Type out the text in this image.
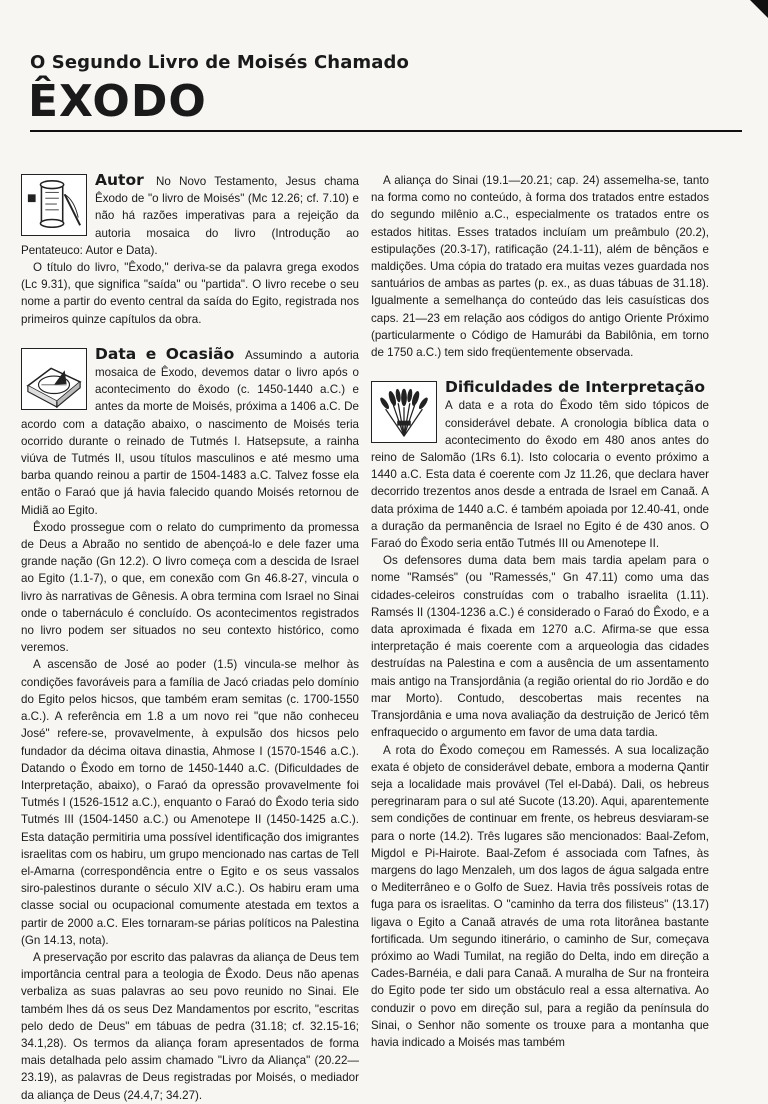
O Segundo Livro de Moisés Chamado
ÊXODO

Autor No Novo Testamento, Jesus chama Êxodo de "o livro de Moisés" (Mc 12.26; cf. 7.10) e não há razões imperativas para a rejeição da autoria mosaica do livro (Introdução ao Pentateuco: Autor e Data).

O título do livro, "Êxodo," deriva-se da palavra grega exodos (Lc 9.31), que significa "saída" ou "partida". O livro recebe o seu nome a partir do evento central da saída do Egito, registrada nos primeiros quinze capítulos da obra.

Data e Ocasião Assumindo a autoria mosaica de Êxodo, devemos datar o livro após o acontecimento do êxodo (c. 1450-1440 a.C.) e antes da morte de Moisés, próxima a 1406 a.C. De acordo com a datação abaixo, o nascimento de Moisés teria ocorrido durante o reinado de Tutmés I. Hatsepsute, a rainha viúva de Tutmés II, usou títulos masculinos e até mesmo uma barba quando reinou a partir de 1504-1483 a.C. Talvez fosse ela então o Faraó que já havia falecido quando Moisés retornou de Midiã ao Egito.

Êxodo prossegue com o relato do cumprimento da promessa de Deus a Abraão no sentido de abençoá-lo e dele fazer uma grande nação (Gn 12.2). O livro começa com a descida de Israel ao Egito (1.1-7), o que, em conexão com Gn 46.8-27, vincula o livro às narrativas de Gênesis. A obra termina com Israel no Sinai onde o tabernáculo é concluído. Os acontecimentos registrados no livro podem ser situados no seu contexto histórico, como veremos.

A ascensão de José ao poder (1.5) vincula-se melhor às condições favoráveis para a família de Jacó criadas pelo domínio do Egito pelos hicsos, que também eram semitas (c. 1700-1550 a.C.). A referência em 1.8 a um novo rei "que não conheceu José" refere-se, provavelmente, à expulsão dos hicsos pelo fundador da décima oitava dinastia, Ahmose I (1570-1546 a.C.). Datando o Êxodo em torno de 1450-1440 a.C. (Dificuldades de Interpretação, abaixo), o Faraó da opressão provavelmente foi Tutmés I (1526-1512 a.C.), enquanto o Faraó do Êxodo teria sido Tutmés III (1504-1450 a.C.) ou Amenotepe II (1450-1425 a.C.). Esta datação permitiria uma possível identificação dos imigrantes israelitas com os habiru, um grupo mencionado nas cartas de Tell el-Amarna (correspondência entre o Egito e os seus vassalos siro-palestinos durante o século XIV a.C.). Os habiru eram uma classe social ou ocupacional comumente atestada em textos a partir de 2000 a.C. Eles tornaram-se párias políticos na Palestina (Gn 14.13, nota).

A preservação por escrito das palavras da aliança de Deus tem importância central para a teologia de Êxodo. Deus não apenas verbaliza as suas palavras ao seu povo reunido no Sinai. Ele também lhes dá os seus Dez Mandamentos por escrito, "escritas pelo dedo de Deus" em tábuas de pedra (31.18; cf. 32.15-16; 34.1,28). Os termos da aliança foram apresentados de forma mais detalhada pelo assim chamado "Livro da Aliança" (20.22—23.19), as palavras de Deus registradas por Moisés, o mediador da aliança de Deus (24.4,7; 34.27).

A aliança do Sinai (19.1—20.21; cap. 24) assemelha-se, tanto na forma como no conteúdo, à forma dos tratados entre estados do segundo milênio a.C., especialmente os tratados entre os estados hititas. Esses tratados incluíam um preâmbulo (20.2), estipulações (20.3-17), ratificação (24.1-11), além de bênçãos e maldições. Uma cópia do tratado era muitas vezes guardada nos santuários de ambas as partes (p. ex., as duas tábuas de 31.18). Igualmente a semelhança do conteúdo das leis casuísticas dos caps. 21—23 em relação aos códigos do antigo Oriente Próximo (particularmente o Código de Hamurábi da Babilônia, em torno de 1750 a.C.) tem sido freqüentemente observada.

Dificuldades de Interpretação A data e a rota do Êxodo têm sido tópicos de considerável debate. A cronologia bíblica data o acontecimento do êxodo em 480 anos antes do reino de Salomão (1Rs 6.1). Isto colocaria o evento próximo a 1440 a.C. Esta data é coerente com Jz 11.26, que declara haver decorrido trezentos anos desde a entrada de Israel em Canaã. A data próxima de 1440 a.C. é também apoiada por 12.40-41, onde a duração da permanência de Israel no Egito é de 430 anos. O Faraó do Êxodo seria então Tutmés III ou Amenotepe II.

Os defensores duma data bem mais tardia apelam para o nome "Ramsés" (ou "Ramessés," Gn 47.11) como uma das cidades-celeiros construídas com o trabalho israelita (1.11). Ramsés II (1304-1236 a.C.) é considerado o Faraó do Êxodo, e a data aproximada é fixada em 1270 a.C. Afirma-se que essa interpretação é mais coerente com a arqueologia das cidades destruídas na Palestina e com a ausência de um assentamento mais antigo na Transjordânia (a região oriental do rio Jordão e do mar Morto). Contudo, descobertas mais recentes na Transjordânia e uma nova avaliação da destruição de Jericó têm enfraquecido o argumento em favor de uma data tardia.

A rota do Êxodo começou em Ramessés. A sua localização exata é objeto de considerável debate, embora a moderna Qantir seja a localidade mais provável (Tel el-Dabá). Dali, os hebreus peregrinaram para o sul até Sucote (13.20). Aqui, aparentemente sem condições de continuar em frente, os hebreus desviaram-se para o norte (14.2). Três lugares são mencionados: Baal-Zefom, Migdol e Pi-Hairote. Baal-Zefom é associada com Tafnes, às margens do lago Menzaleh, um dos lagos de água salgada entre o Mediterrâneo e o Golfo de Suez. Havia três possíveis rotas de fuga para os israelitas. O "caminho da terra dos filisteus" (13.17) ligava o Egito a Canaã através de uma rota litorânea bastante fortificada. Um segundo itinerário, o caminho de Sur, começava próximo ao Wadi Tumilat, na região do Delta, indo em direção a Cades-Barnéia, e dali para Canaã. A muralha de Sur na fronteira do Egito pode ter sido um obstáculo real a essa alternativa. Ao conduzir o povo em direção sul, para a região da península do Sinai, o Senhor não somente os trouxe para a montanha que havia indicado a Moisés mas também
